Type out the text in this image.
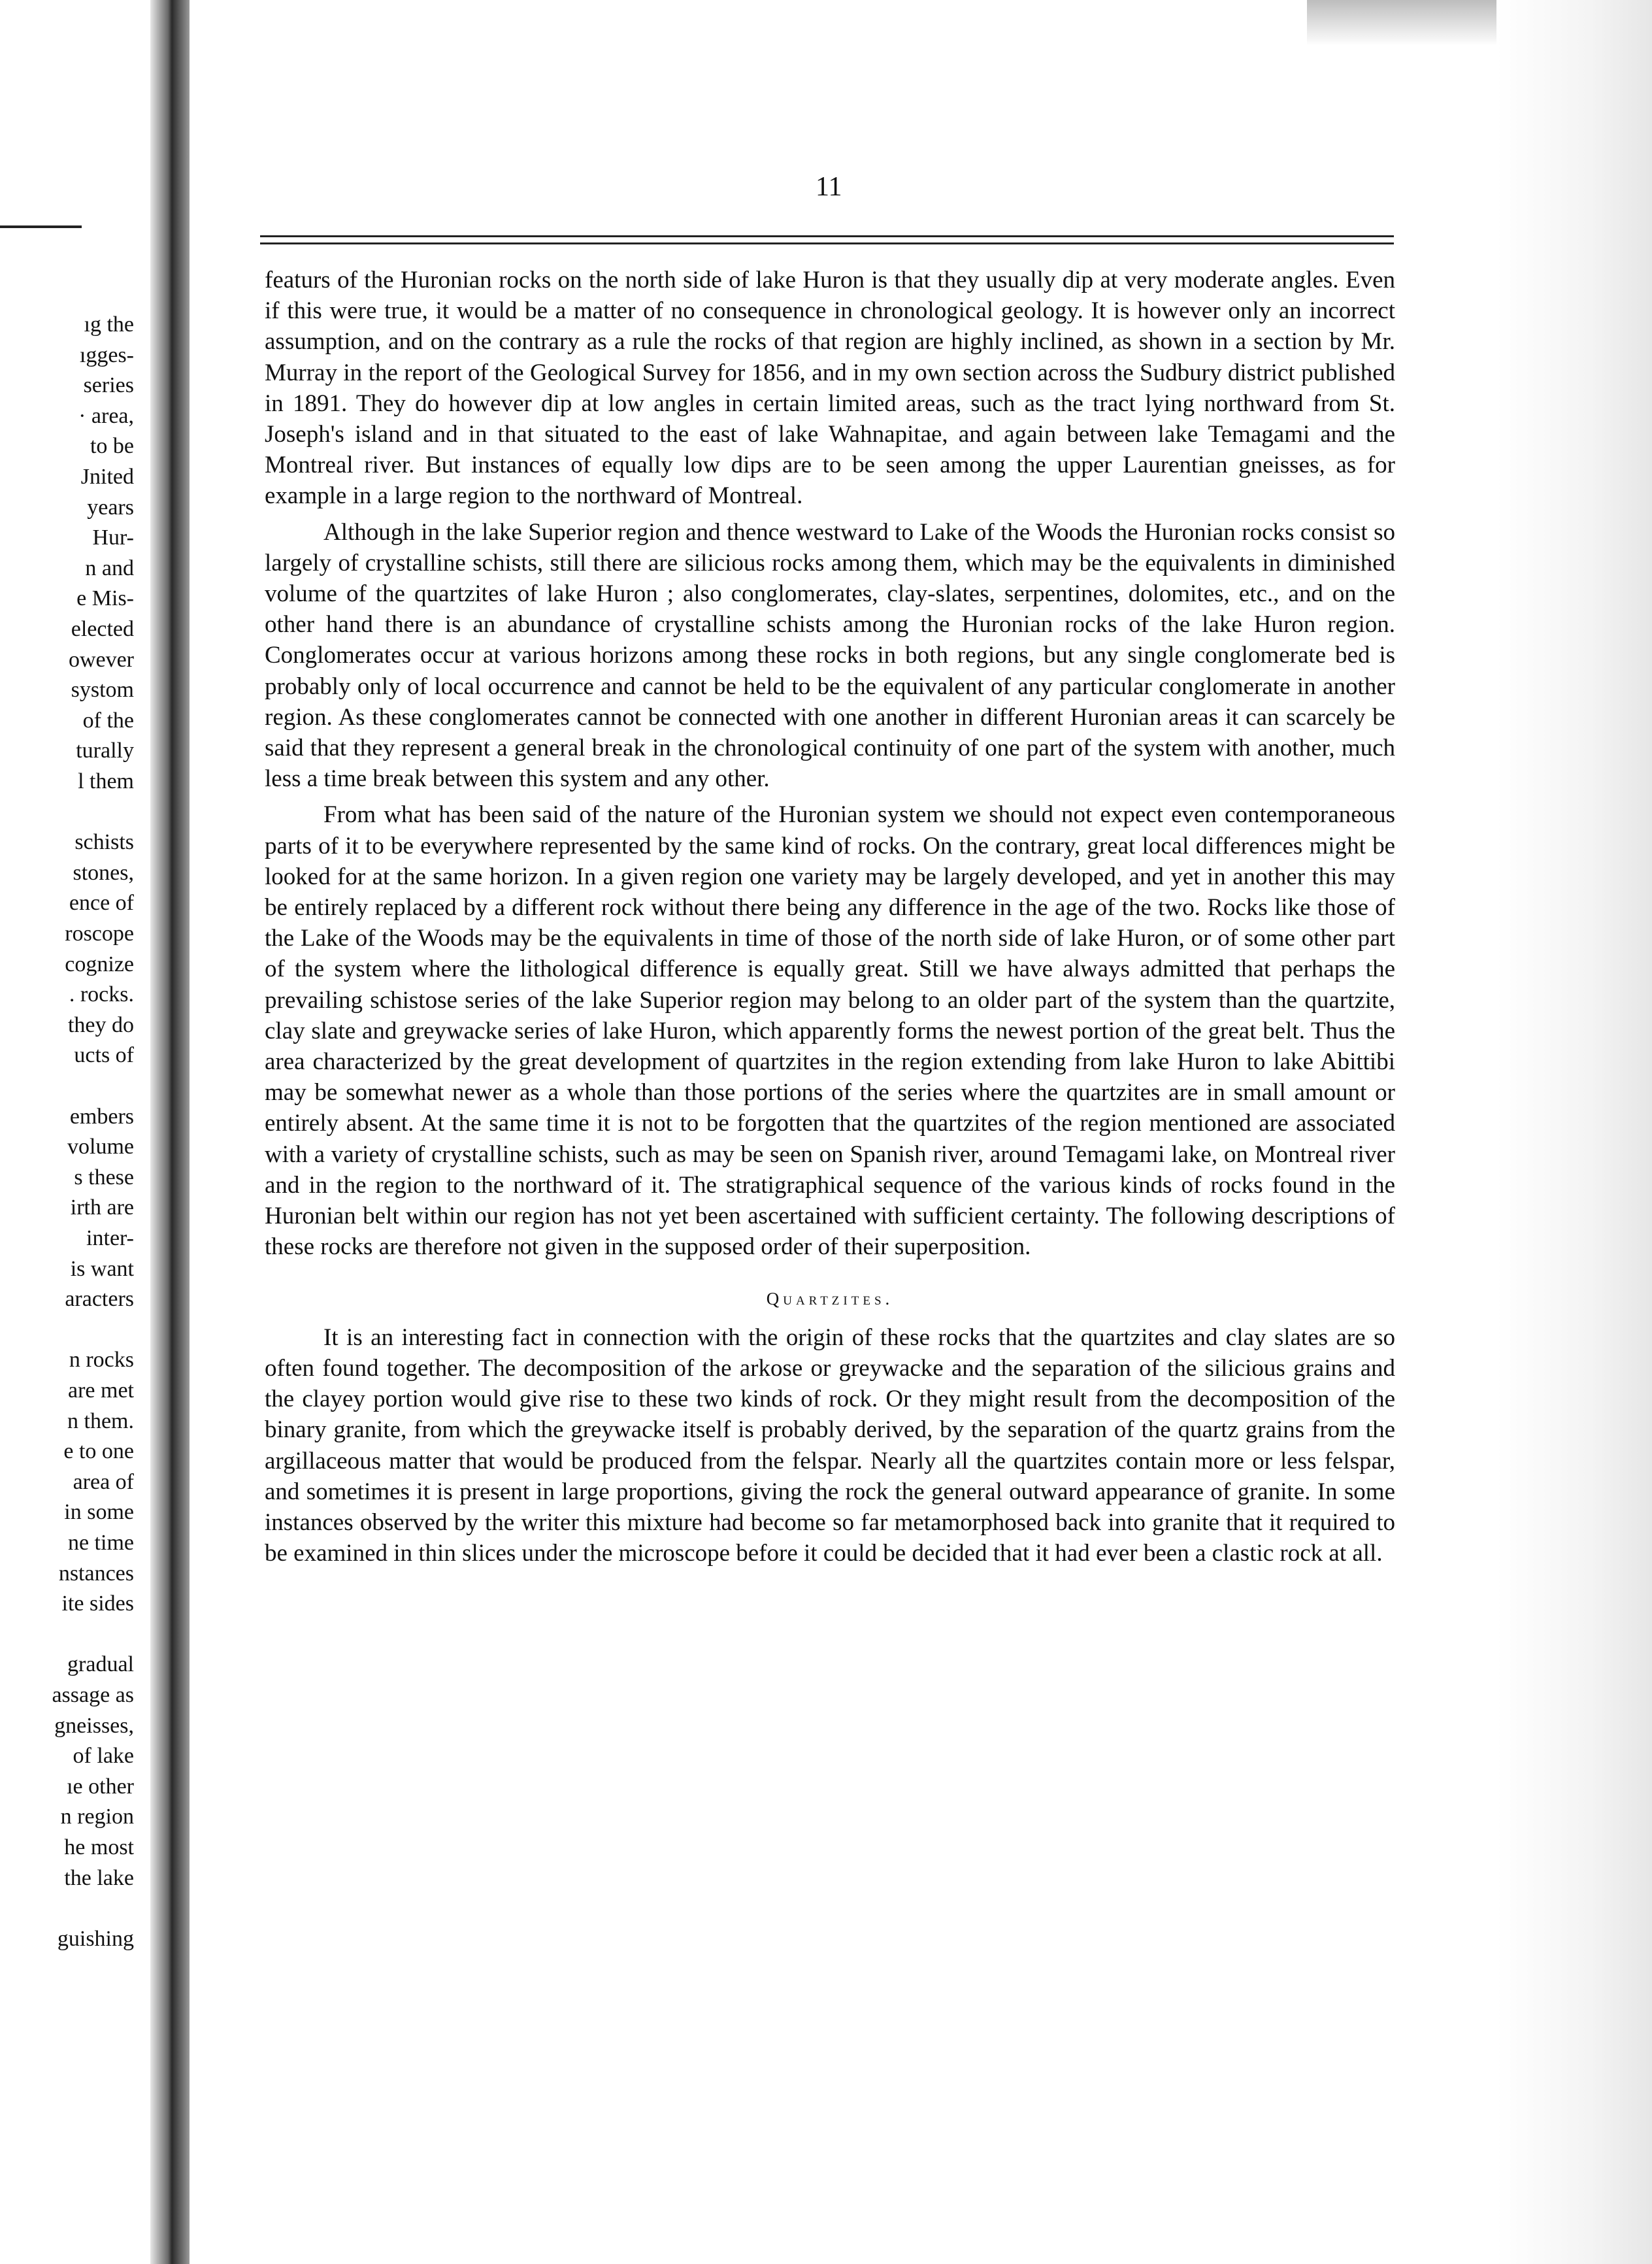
ıg the
ıgges-
series
· area,
to be
Jnited
years
Hur-
n and
e Mis-
elected
owever
systom
of the
turally
l them
schists
stones,
ence of
roscope
cognize
. rocks.
they do
ucts of
embers
volume
s these
irth are
inter-
is want
aracters
n rocks
are met
n them.
e to one
area of
in some
ne time
nstances
ite sides
gradual
assage as
gneisses,
of lake
ıe other
n region
he most
the lake
guishing
11

featurs of the Huronian rocks on the north side of lake Huron is that they usually dip at very moderate angles. Even if this were true, it would be a matter of no consequence in chronological geology. It is however only an incorrect assumption, and on the contrary as a rule the rocks of that region are highly inclined, as shown in a section by Mr. Murray in the report of the Geological Survey for 1856, and in my own section across the Sudbury district published in 1891. They do however dip at low angles in certain limited areas, such as the tract lying northward from St. Joseph's island and in that situated to the east of lake Wahnapitae, and again between lake Temagami and the Montreal river. But instances of equally low dips are to be seen among the upper Laurentian gneisses, as for example in a large region to the northward of Montreal.

Although in the lake Superior region and thence westward to Lake of the Woods the Huronian rocks consist so largely of crystalline schists, still there are silicious rocks among them, which may be the equivalents in diminished volume of the quartzites of lake Huron ; also conglomerates, clay-slates, serpentines, dolomites, etc., and on the other hand there is an abundance of crystalline schists among the Huronian rocks of the lake Huron region. Conglomerates occur at various horizons among these rocks in both regions, but any single conglomerate bed is probably only of local occurrence and cannot be held to be the equivalent of any particular conglomerate in another region. As these conglomerates cannot be connected with one another in different Huronian areas it can scarcely be said that they represent a general break in the chronological continuity of one part of the system with another, much less a time break between this system and any other.

From what has been said of the nature of the Huronian system we should not expect even contemporaneous parts of it to be everywhere represented by the same kind of rocks. On the contrary, great local differences might be looked for at the same horizon. In a given region one variety may be largely developed, and yet in another this may be entirely replaced by a different rock without there being any difference in the age of the two. Rocks like those of the Lake of the Woods may be the equivalents in time of those of the north side of lake Huron, or of some other part of the system where the lithological difference is equally great. Still we have always admitted that perhaps the prevailing schistose series of the lake Superior region may belong to an older part of the system than the quartzite, clay slate and greywacke series of lake Huron, which apparently forms the newest portion of the great belt. Thus the area characterized by the great development of quartzites in the region extending from lake Huron to lake Abittibi may be somewhat newer as a whole than those portions of the series where the quartzites are in small amount or entirely absent. At the same time it is not to be forgotten that the quartzites of the region mentioned are associated with a variety of crystalline schists, such as may be seen on Spanish river, around Temagami lake, on Montreal river and in the region to the northward of it. The stratigraphical sequence of the various kinds of rocks found in the Huronian belt within our region has not yet been ascertained with sufficient certainty. The following descriptions of these rocks are therefore not given in the supposed order of their superposition.

Quartzites.

It is an interesting fact in connection with the origin of these rocks that the quartzites and clay slates are so often found together. The decomposition of the arkose or greywacke and the separation of the silicious grains and the clayey portion would give rise to these two kinds of rock. Or they might result from the decomposition of the binary granite, from which the greywacke itself is probably derived, by the separation of the quartz grains from the argillaceous matter that would be produced from the felspar. Nearly all the quartzites contain more or less felspar, and sometimes it is present in large proportions, giving the rock the general outward appearance of granite. In some instances observed by the writer this mixture had become so far metamorphosed back into granite that it required to be examined in thin slices under the microscope before it could be decided that it had ever been a clastic rock at all.
